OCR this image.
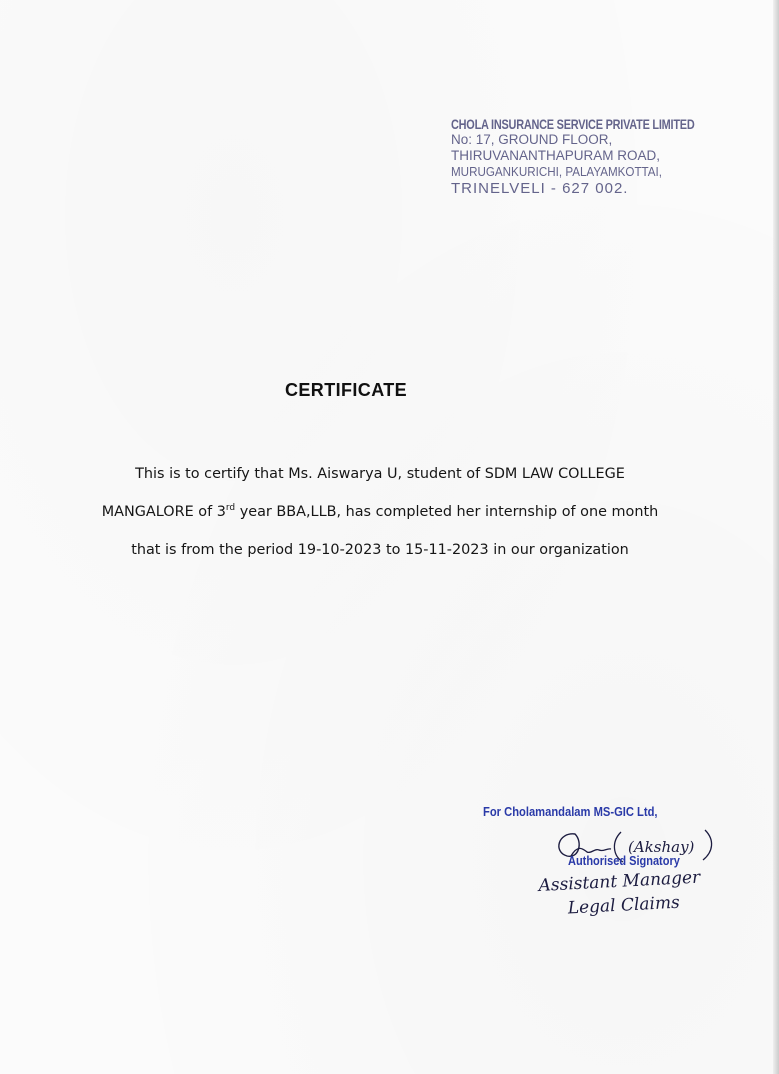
CHOLA INSURANCE SERVICE PRIVATE LIMITED
No: 17, GROUND FLOOR,
THIRUVANANTHAPURAM ROAD,
MURUGANKURICHI, PALAYAMKOTTAI,
TRINELVELI - 627 002.
CERTIFICATE
This is to certify that Ms. Aiswarya U, student of SDM LAW COLLEGE
MANGALORE of 3rd year BBA,LLB, has completed her internship of one month
that is from the period 19-10-2023 to 15-11-2023 in our organization
For Cholamandalam MS-GIC Ltd,
(Akshay)
Authorised Signatory
Assistant Manager
Legal Claims
